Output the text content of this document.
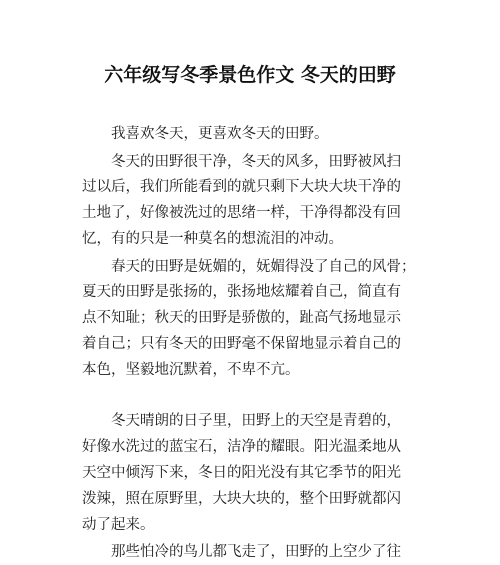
六年级写冬季景色作文 冬天的田野
　　我喜欢冬天，更喜欢冬天的田野。
　　冬天的田野很干净，冬天的风多，田野被风扫
过以后，我们所能看到的就只剩下大块大块干净的
土地了，好像被洗过的思绪一样，干净得都没有回
忆，有的只是一种莫名的想流泪的冲动。
　　春天的田野是妩媚的，妩媚得没了自己的风骨；
夏天的田野是张扬的，张扬地炫耀着自己，简直有
点不知耻；秋天的田野是骄傲的，趾高气扬地显示
着自己；只有冬天的田野毫不保留地显示着自己的
本色，坚毅地沉默着，不卑不亢。
　　冬天晴朗的日子里，田野上的天空是青碧的，
好像水洗过的蓝宝石，洁净的耀眼。阳光温柔地从
天空中倾泻下来，冬日的阳光没有其它季节的阳光
泼辣，照在原野里，大块大块的，整个田野就都闪
动了起来。
　　那些怕冷的鸟儿都飞走了，田野的上空少了往
